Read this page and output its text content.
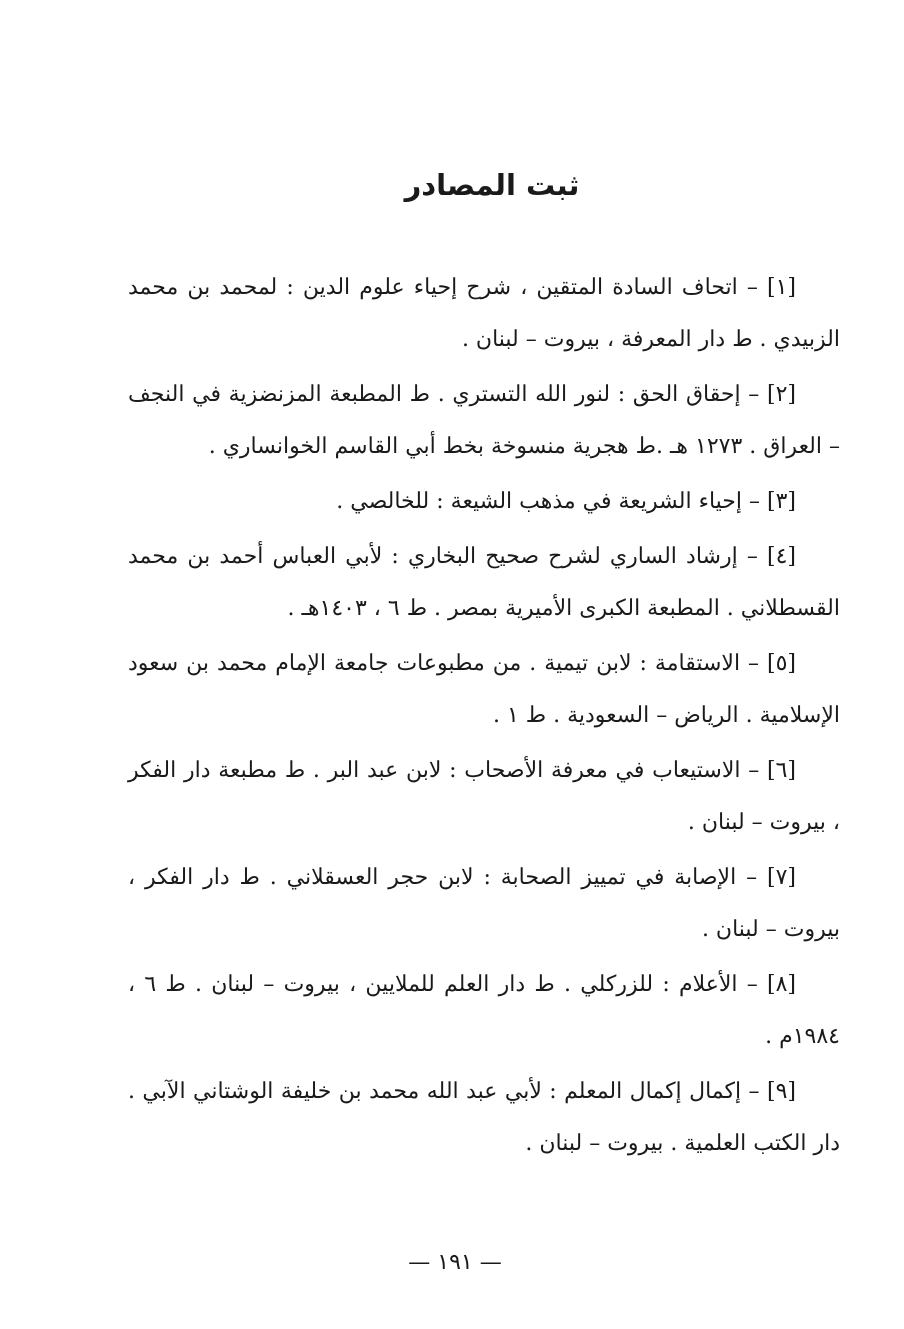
ثبت المصادر

[١] – اتحاف السادة المتقين ، شرح إحياء علوم الدين : لمحمد بن محمد الزبيدي . ط دار المعرفة ، بيروت – لبنان .

[٢] – إحقاق الحق : لنور الله التستري . ط المطبعة المزنضزية في النجف – العراق . ١٢٧٣ هـ .ط هجرية منسوخة بخط أبي القاسم الخوانساري .

[٣] – إحياء الشريعة في مذهب الشيعة : للخالصي .

[٤] – إرشاد الساري لشرح صحيح البخاري : لأبي العباس أحمد بن محمد القسطلاني . المطبعة الكبرى الأميرية بمصر . ط ٦ ، ١٤٠٣هـ .

[٥] – الاستقامة : لابن تيمية . من مطبوعات جامعة الإمام محمد بن سعود الإسلامية . الرياض – السعودية . ط ١ .

[٦] – الاستيعاب في معرفة الأصحاب : لابن عبد البر . ط مطبعة دار الفكر ، بيروت – لبنان .

[٧] – الإصابة في تمييز الصحابة : لابن حجر العسقلاني . ط دار الفكر ، بيروت – لبنان .

[٨] – الأعلام : للزركلي . ط دار العلم للملايين ، بيروت – لبنان . ط ٦ ، ١٩٨٤م .

[٩] – إكمال إكمال المعلم : لأبي عبد الله محمد بن خليفة الوشتاني الآبي . دار الكتب العلمية . بيروت – لبنان .

— ١٩١ —
